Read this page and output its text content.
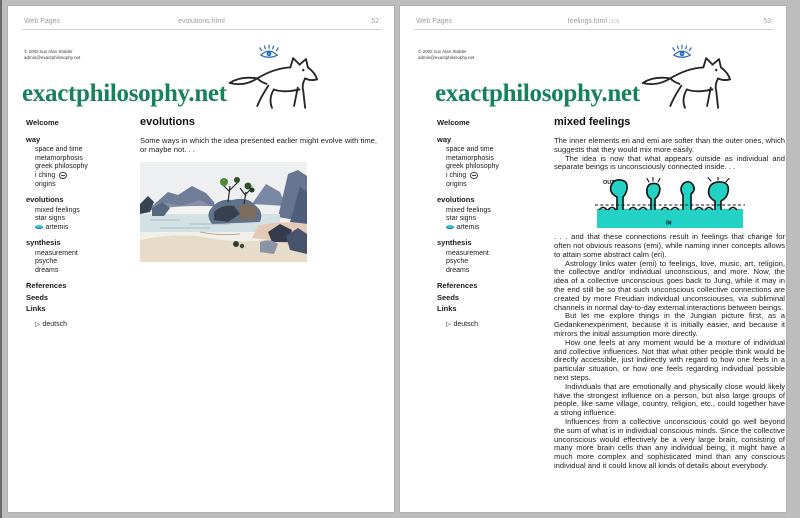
Web Pages	evolutions.html	52
© 2002 nux Alan Stalder
admin@exactphilosophy.net
exactphilosophy.net
Welcome
way
space and time
metamorphosis
greek philosophy
i ching
origins
evolutions
mixed feelings
star signs
artemis
synthesis
measurement
psyche
dreams
References
Seeds
Links
▷
deutsch
evolutions

Some ways in which the idea presented earlier might evolve with time, or maybe not. . .

Web Pages	feelings.html (1/3)	53
© 2002 nux Alan Stalder
admin@exactphilosophy.net
exactphilosophy.net
Welcome
way
space and time
metamorphosis
greek philosophy
i ching
origins
evolutions
mixed feelings
star signs
artemis
synthesis
measurement
psyche
dreams
References
Seeds
Links
▷
deutsch
mixed feelings

The inner elements eri and emi are softer than the outer ones, which suggests that they would mix more easily.

The idea is now that what appears outside as individual and separate beings is unconsciously connected inside. . .

OUT
IN

. . . and that these connections result in feelings that change for often not obvious reasons (emi), while naming inner concepts allows to attain some abstract calm (eri).

Astrology links water (emi) to feelings, love, music, art, religion, the collective and/or individual unconscious, and more. Now, the idea of a collective unconscious goes back to Jung, while it may in the end still be so that such unconscious collective connections are created by more Freudian individual unconsciouses, via subliminal channels in normal day-to-day external interactions between beings.

But let me explore things in the Jungian picture first, as a Gedankenexperiment, because it is initially easier, and because it mirrors the initial assumption more directly.

How one feels at any moment would be a mixture of individual and collective influences. Not that what other people think would be directly accessible, just indirectly with regard to how one feels in a particular situation, or how one feels regarding individual possible next steps.

Individuals that are emotionally and physically close would likely have the strongest influence on a person, but also large groups of people, like same village, country, religion, etc., could together have a strong influence.

Influences from a collective unconscious could go well beyond the sum of what is in individual conscious minds. Since the collective unconscious would effectively be a very large brain, consisting of many more brain cells than any individual being, it might have a much more complex and sophisticated mind than any conscious individual and it could know all kinds of details about everybody.
